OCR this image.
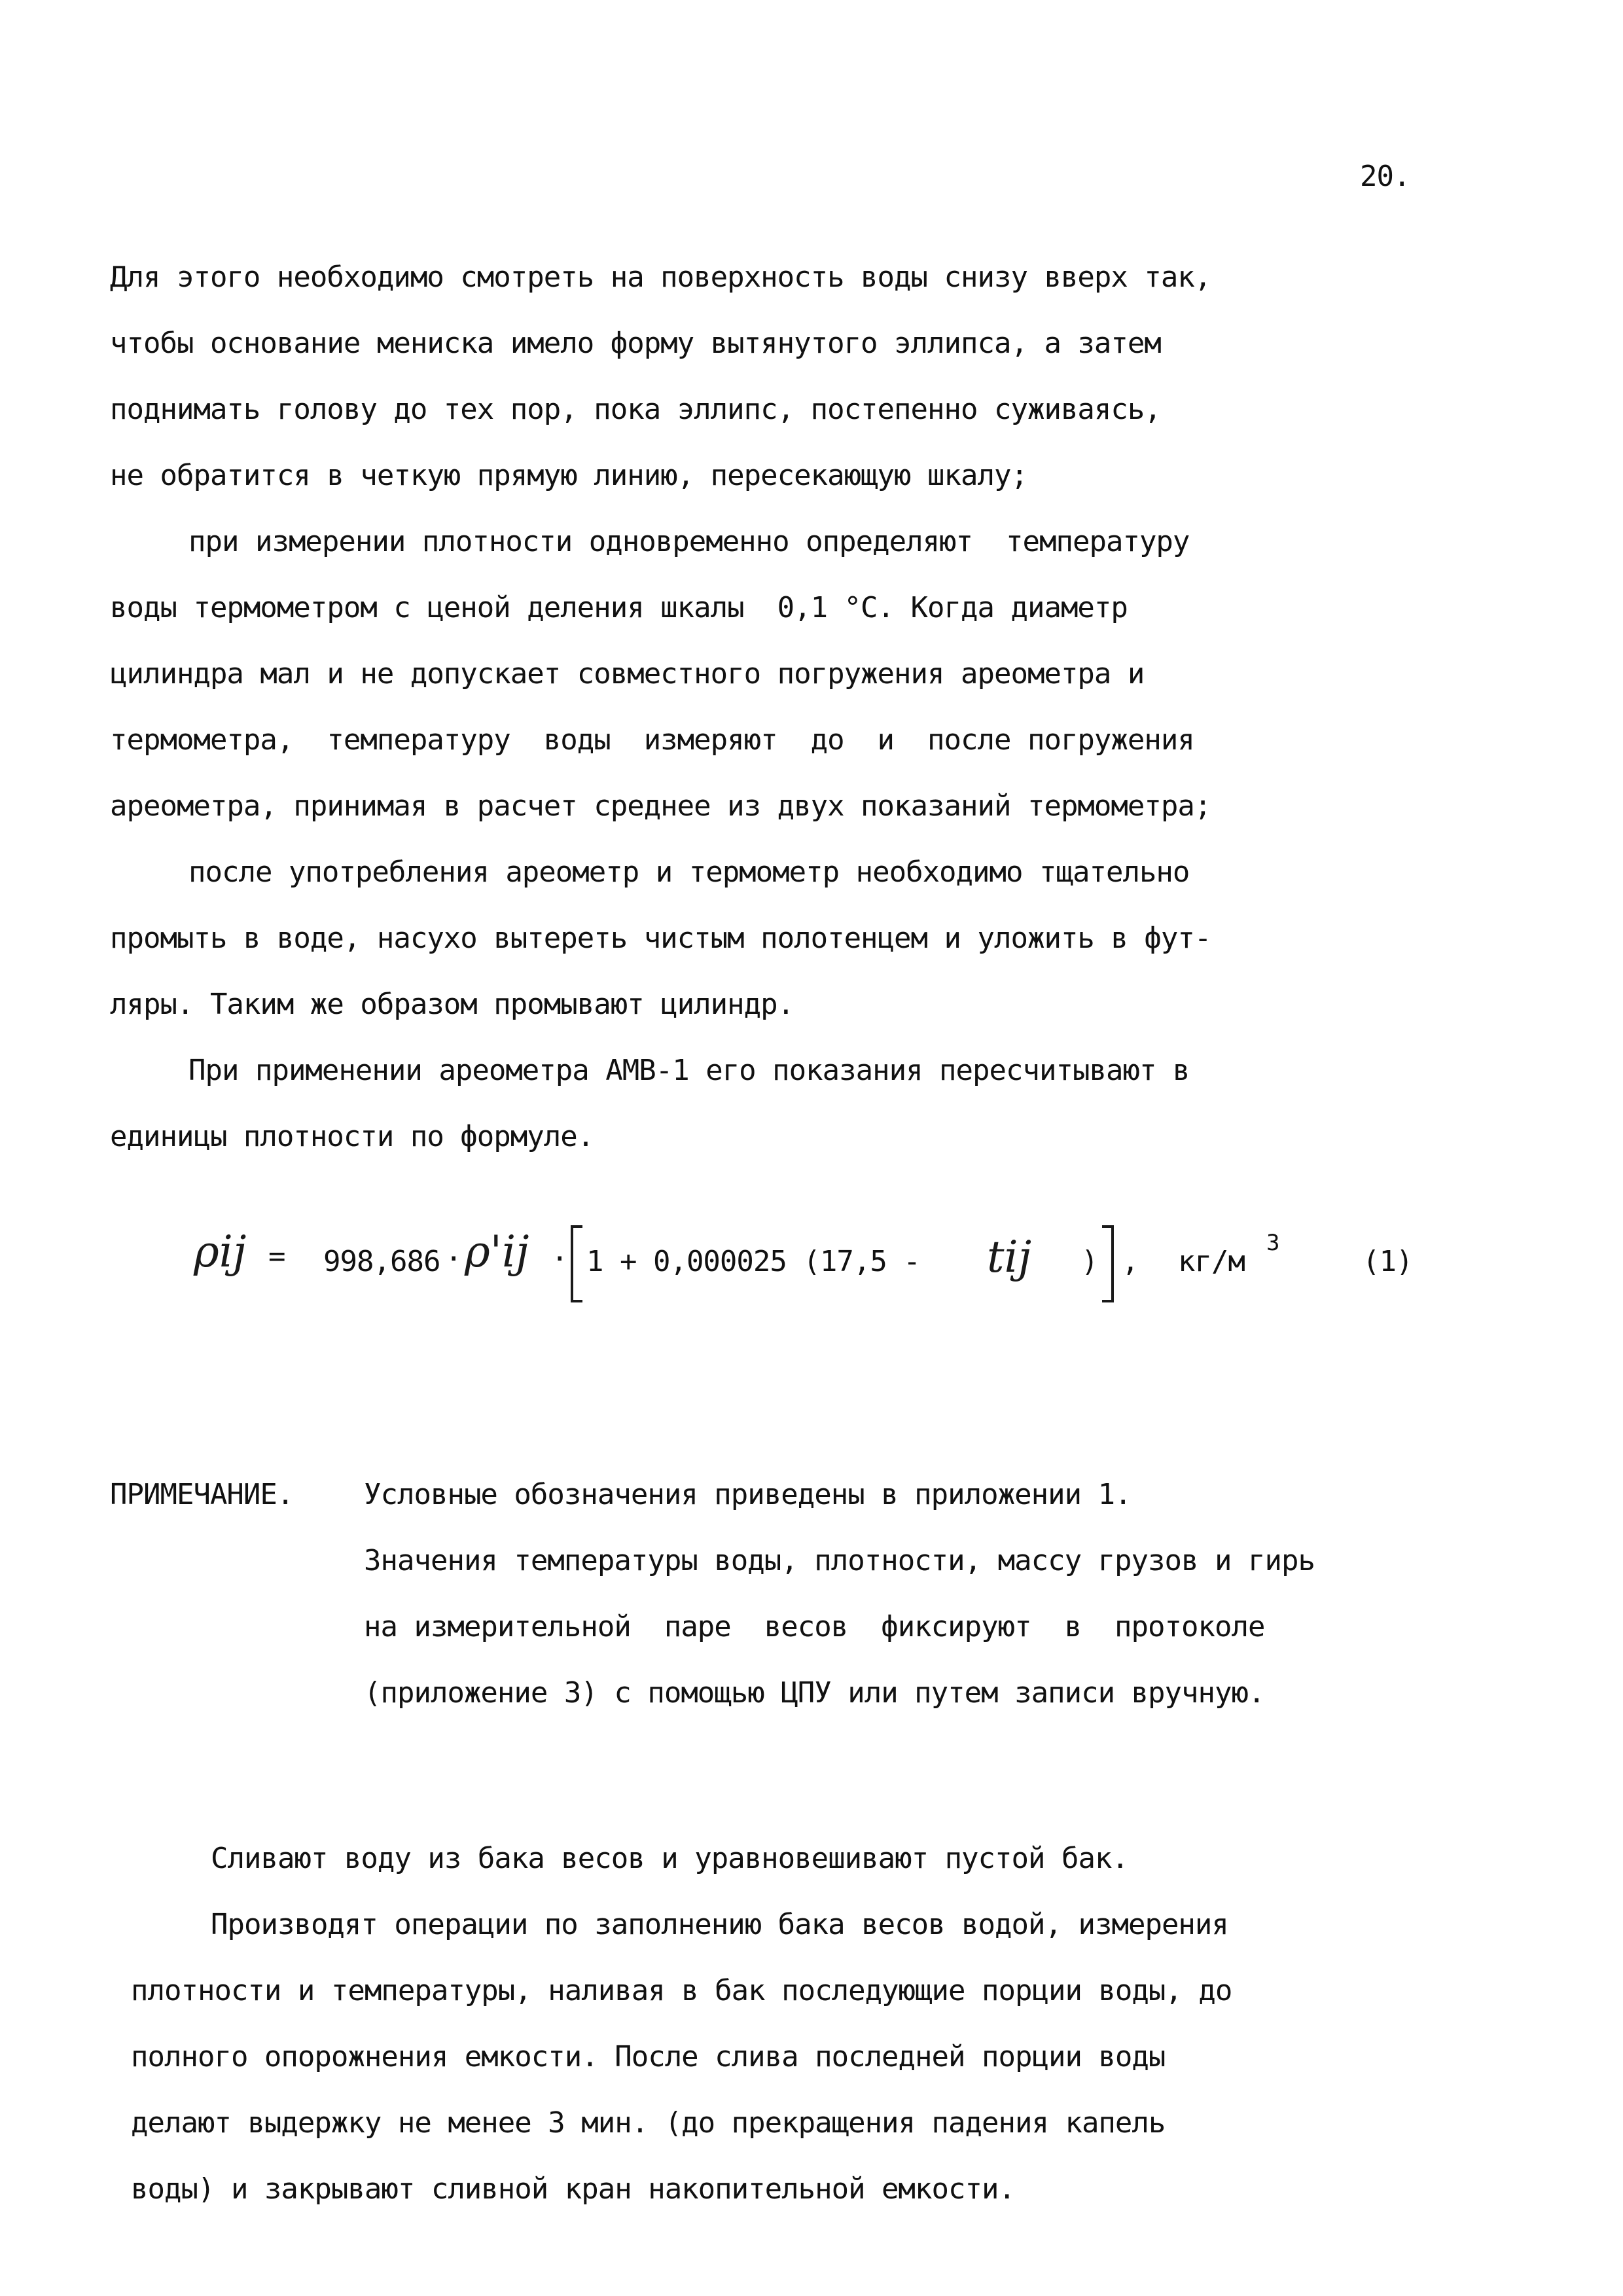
20.
Для этого необходимо смотреть на поверхность воды снизу вверх так,
чтобы основание мениска имело форму вытянутого эллипса, а затем
поднимать голову до тех пор, пока эллипс, постепенно суживаясь,
не обратится в четкую прямую линию, пересекающую шкалу;
при измерении плотности одновременно определяют  температуру
воды термометром с ценой деления шкалы  0,1 °С. Когда диаметр
цилиндра мал и не допускает совместного погружения ареометра и
термометра,  температуру  воды  измеряют  до  и  после погружения
ареометра, принимая в расчет среднее из двух показаний термометра;
после употребления ареометр и термометр необходимо тщательно
промыть в воде, насухо вытереть чистым полотенцем и уложить в фут-
ляры. Таким же образом промывают цилиндр.
При применении ареометра АМВ-1 его показания пересчитывают в
единицы плотности по формуле.
ρij = 998,686 · ρ'ij · 1 + 0,000025 (17,5 - tij ) , кг/м
3
(1)
ПРИМЕЧАНИЕ. Условные обозначения приведены в приложении 1.
Значения температуры воды, плотности, массу грузов и гирь
на измерительной  паре  весов  фиксируют  в  протоколе
(приложение 3) с помощью ЦПУ или путем записи вручную.
Сливают воду из бака весов и уравновешивают пустой бак.
Производят операции по заполнению бака весов водой, измерения
плотности и температуры, наливая в бак последующие порции воды, до
полного опорожнения емкости. После слива последней порции воды
делают выдержку не менее 3 мин. (до прекращения падения капель
воды) и закрывают сливной кран накопительной емкости.
